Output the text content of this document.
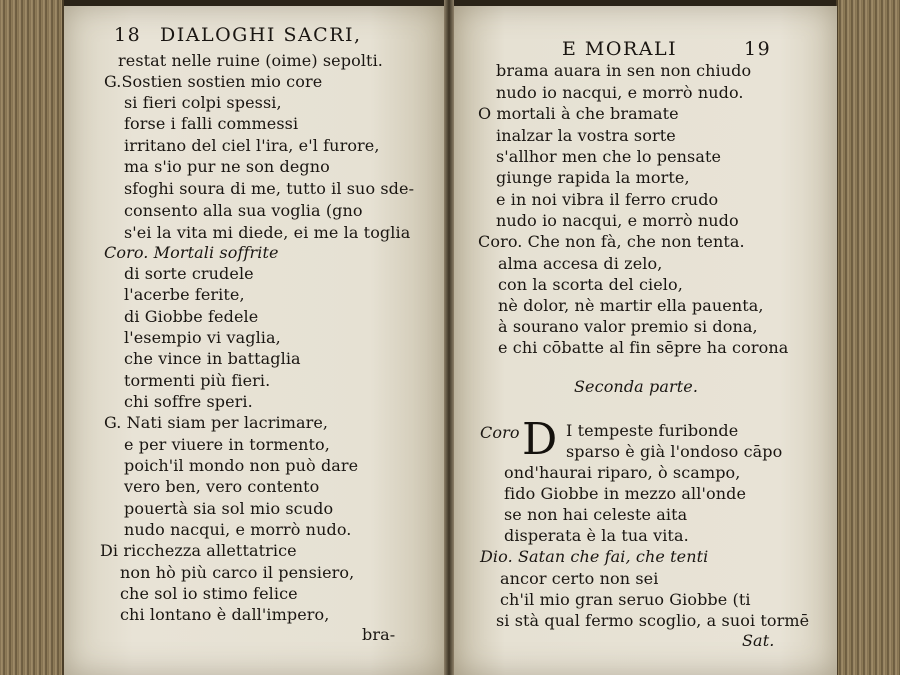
18 DIALOGHI SACRI,
restat nelle ruine (oime) sepolti.
G.Sostien sostien mio core
si fieri colpi spessi,
forse i falli commessi
irritano del ciel l'ira, e'l furore,
ma s'io pur ne son degno
sfoghi soura di me, tutto il suo sde-
consento alla sua voglia (gno
s'ei la vita mi diede, ei me la toglia
Coro. Mortali soffrite
di sorte crudele
l'acerbe ferite,
di Giobbe fedele
l'esempio vi vaglia,
che vince in battaglia
tormenti più fieri.
chi soffre speri.
G. Nati siam per lacrimare,
e per viuere in tormento,
poich'il mondo non può dare
vero ben, vero contento
pouertà sia sol mio scudo
nudo nacqui, e morrò nudo.
Di ricchezza allettatrice
non hò più carco il pensiero,
che sol io stimo felice
chi lontano è dall'impero,
bra-
E MORALI	19
brama auara in sen non chiudo
nudo io nacqui, e morrò nudo.
O mortali à che bramate
inalzar la vostra sorte
s'allhor men che lo pensate
giunge rapida la morte,
e in noi vibra il ferro crudo
nudo io nacqui, e morrò nudo
Coro. Che non fà, che non tenta.
alma accesa di zelo,
con la scorta del cielo,
nè dolor, nè martir ella pauenta,
à sourano valor premio si dona,
e chi cōbatte al fin sēpre ha corona
Seconda parte.
Coro D I tempeste furibonde
sparso è già l'ondoso cāpo
ond'haurai riparo, ò scampo,
fido Giobbe in mezzo all'onde
se non hai celeste aita
disperata è la tua vita.
Dio. Satan che fai, che tenti
ancor certo non sei
ch'il mio gran seruo Giobbe (ti
si stà qual fermo scoglio, a suoi tormē
Sat.
